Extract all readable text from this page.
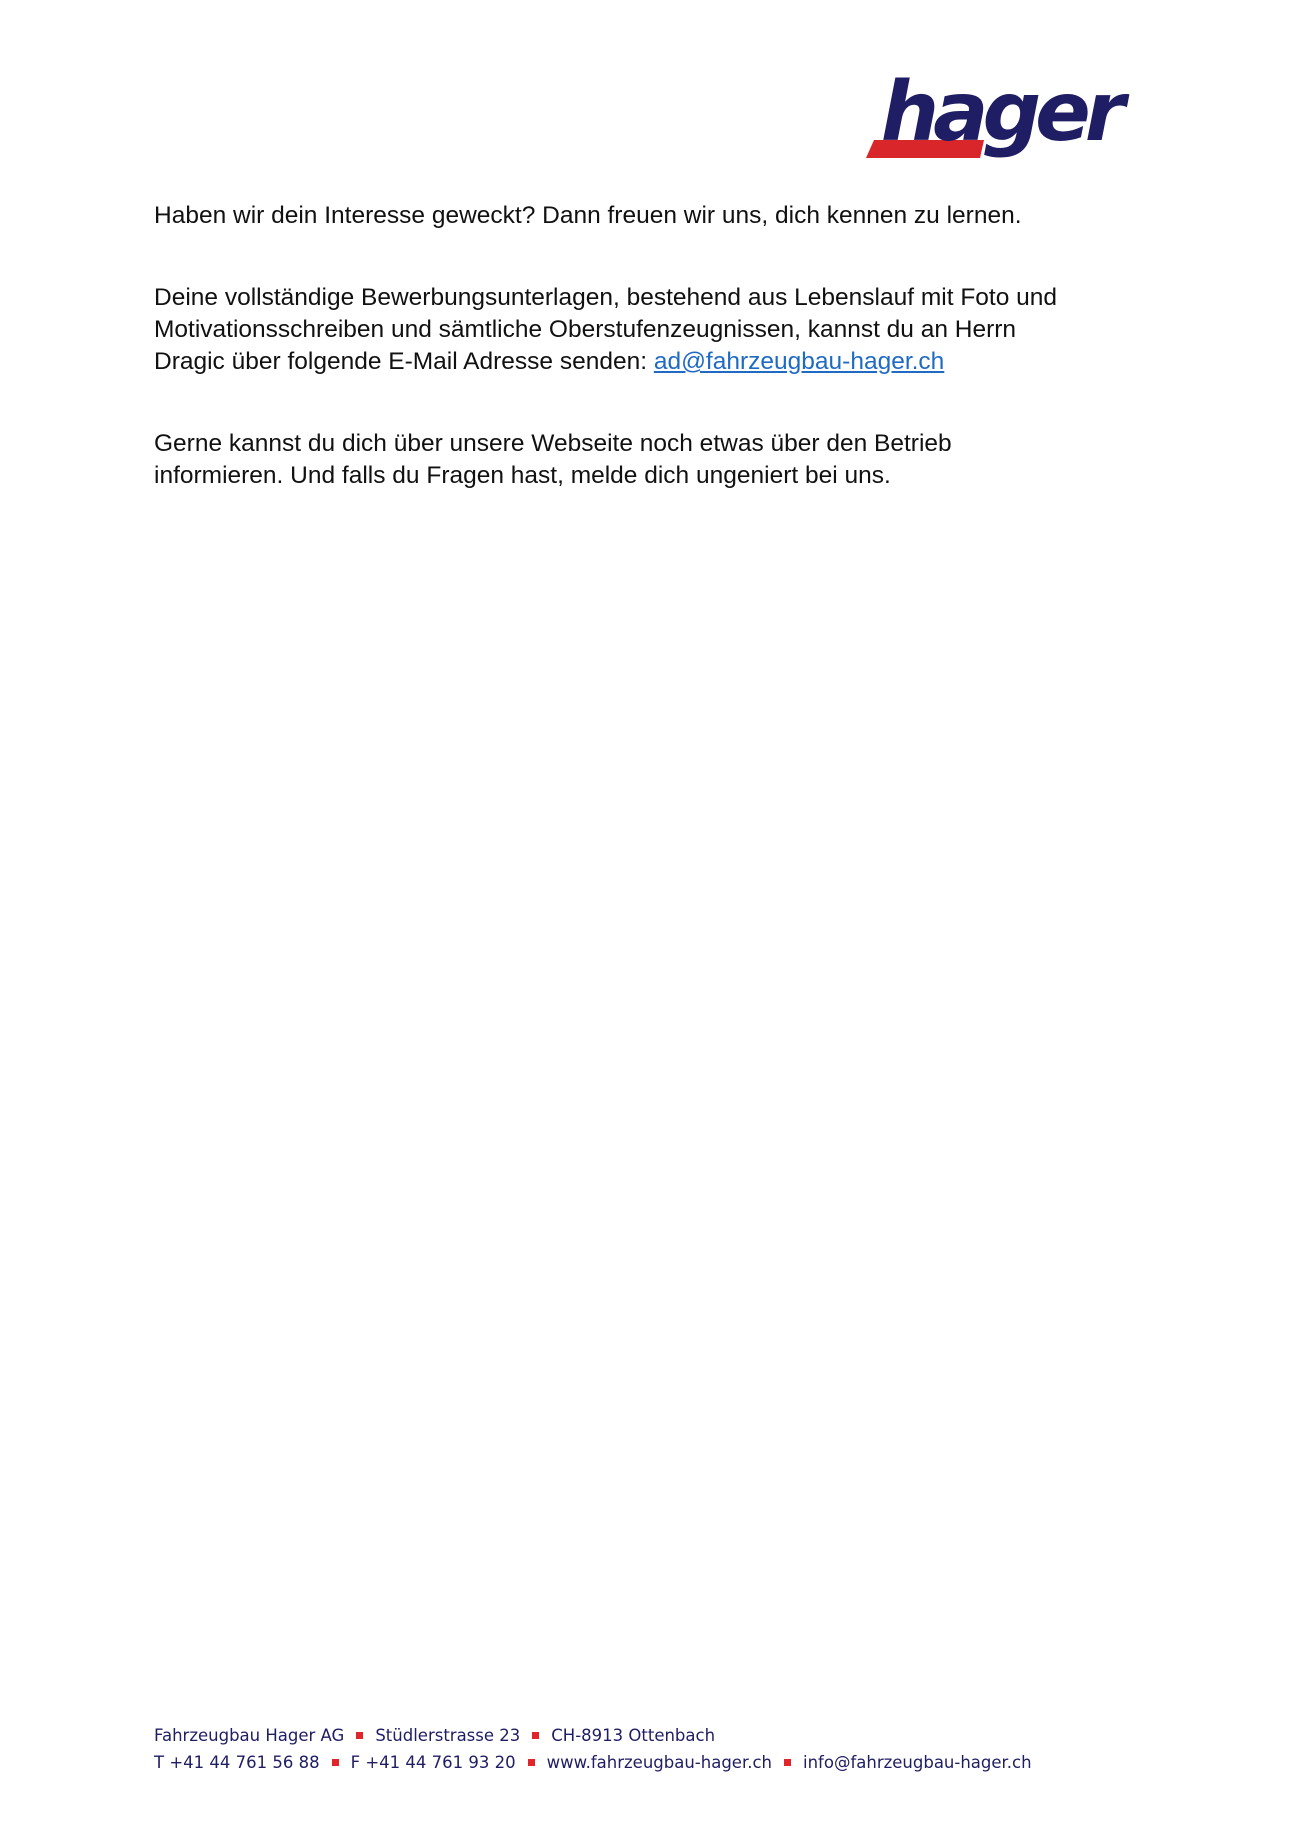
hager

Haben wir dein Interesse geweckt? Dann freuen wir uns, dich kennen zu lernen.

Deine vollständige Bewerbungsunterlagen, bestehend aus Lebenslauf mit Foto und
Motivationsschreiben und sämtliche Oberstufenzeugnissen, kannst du an Herrn
Dragic über folgende E-Mail Adresse senden: ad@fahrzeugbau-hager.ch

Gerne kannst du dich über unsere Webseite noch etwas über den Betrieb
informieren. Und falls du Fragen hast, melde dich ungeniert bei uns.

Fahrzeugbau Hager AG Stüdlerstrasse 23 CH-8913 Ottenbach
T +41 44 761 56 88 F +41 44 761 93 20 www.fahrzeugbau-hager.ch info@fahrzeugbau-hager.ch
